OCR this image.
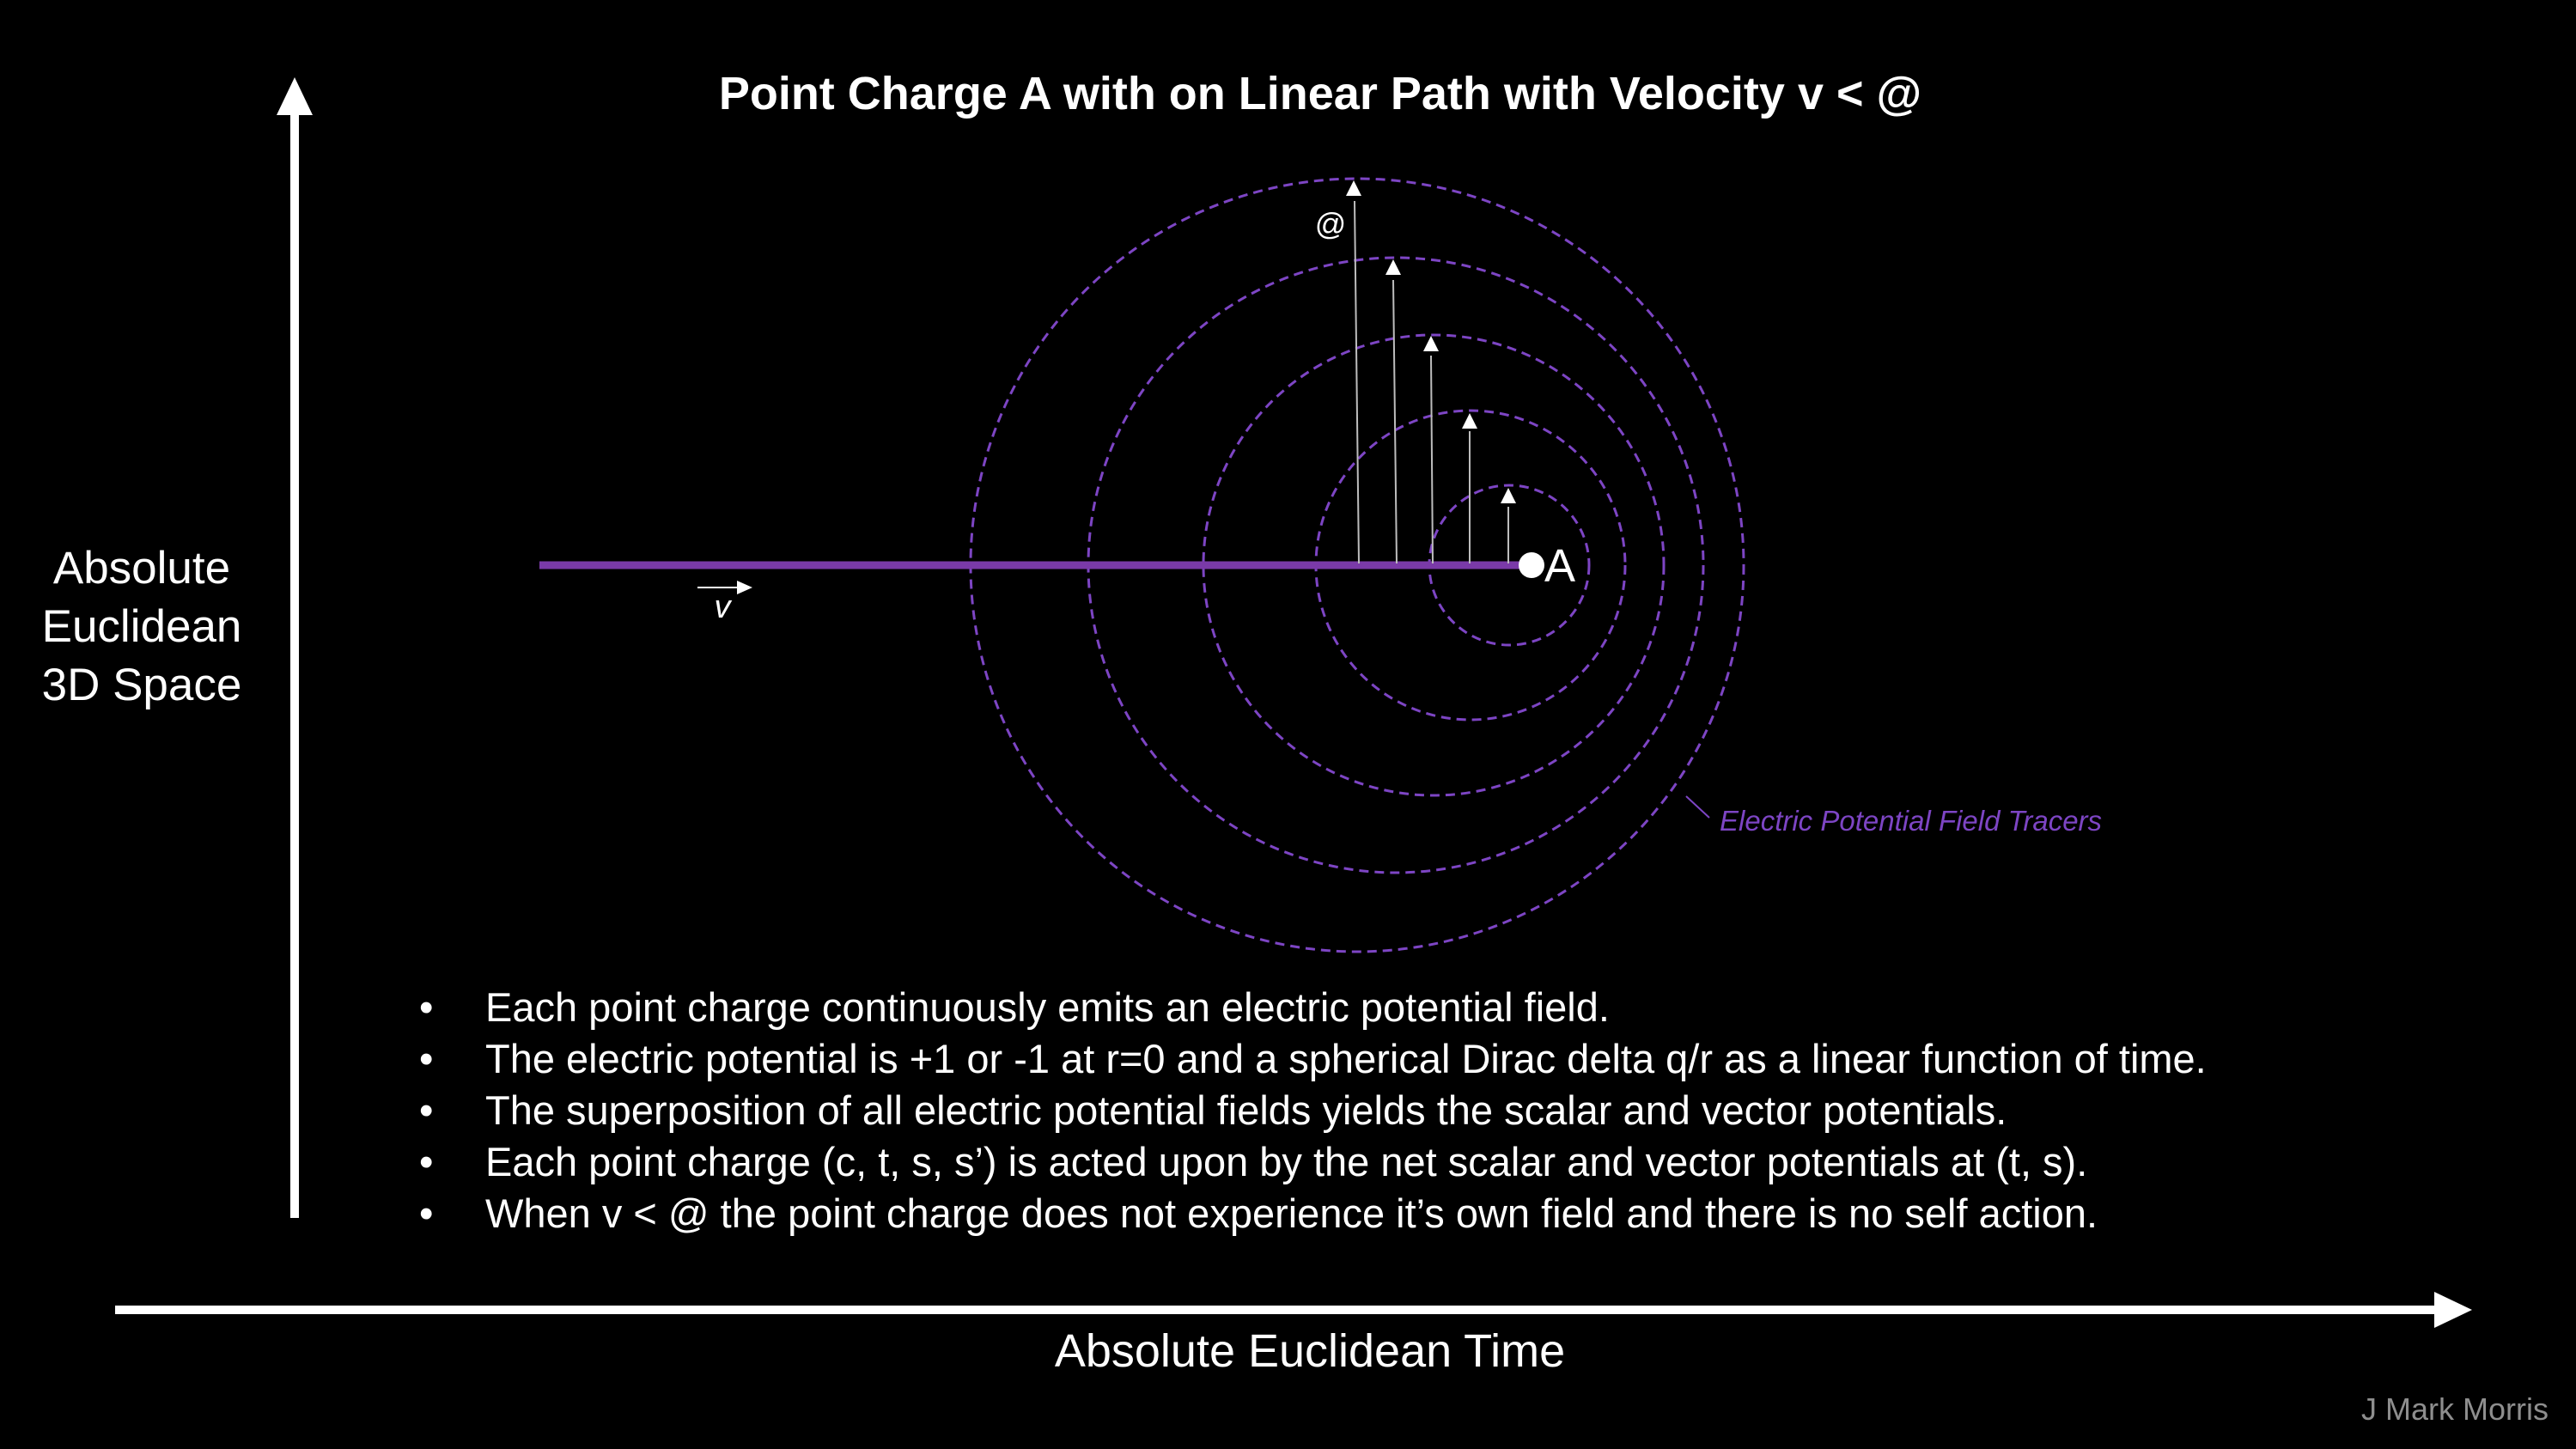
@
A
v
Electric Potential Field Tracers
Point Charge A with on Linear Path with Velocity v < @
Absolute
Euclidean
3D Space
• Each point charge continuously emits an electric potential field.
• The electric potential is +1 or -1 at r=0 and a spherical Dirac delta q/r as a linear function of time.
• The superposition of all electric potential fields yields the scalar and vector potentials.
• Each point charge (c, t, s, s’) is acted upon by the net scalar and vector potentials at (t, s).
• When v < @ the point charge does not experience it’s own field and there is no self action.
Absolute Euclidean Time
J Mark Morris
